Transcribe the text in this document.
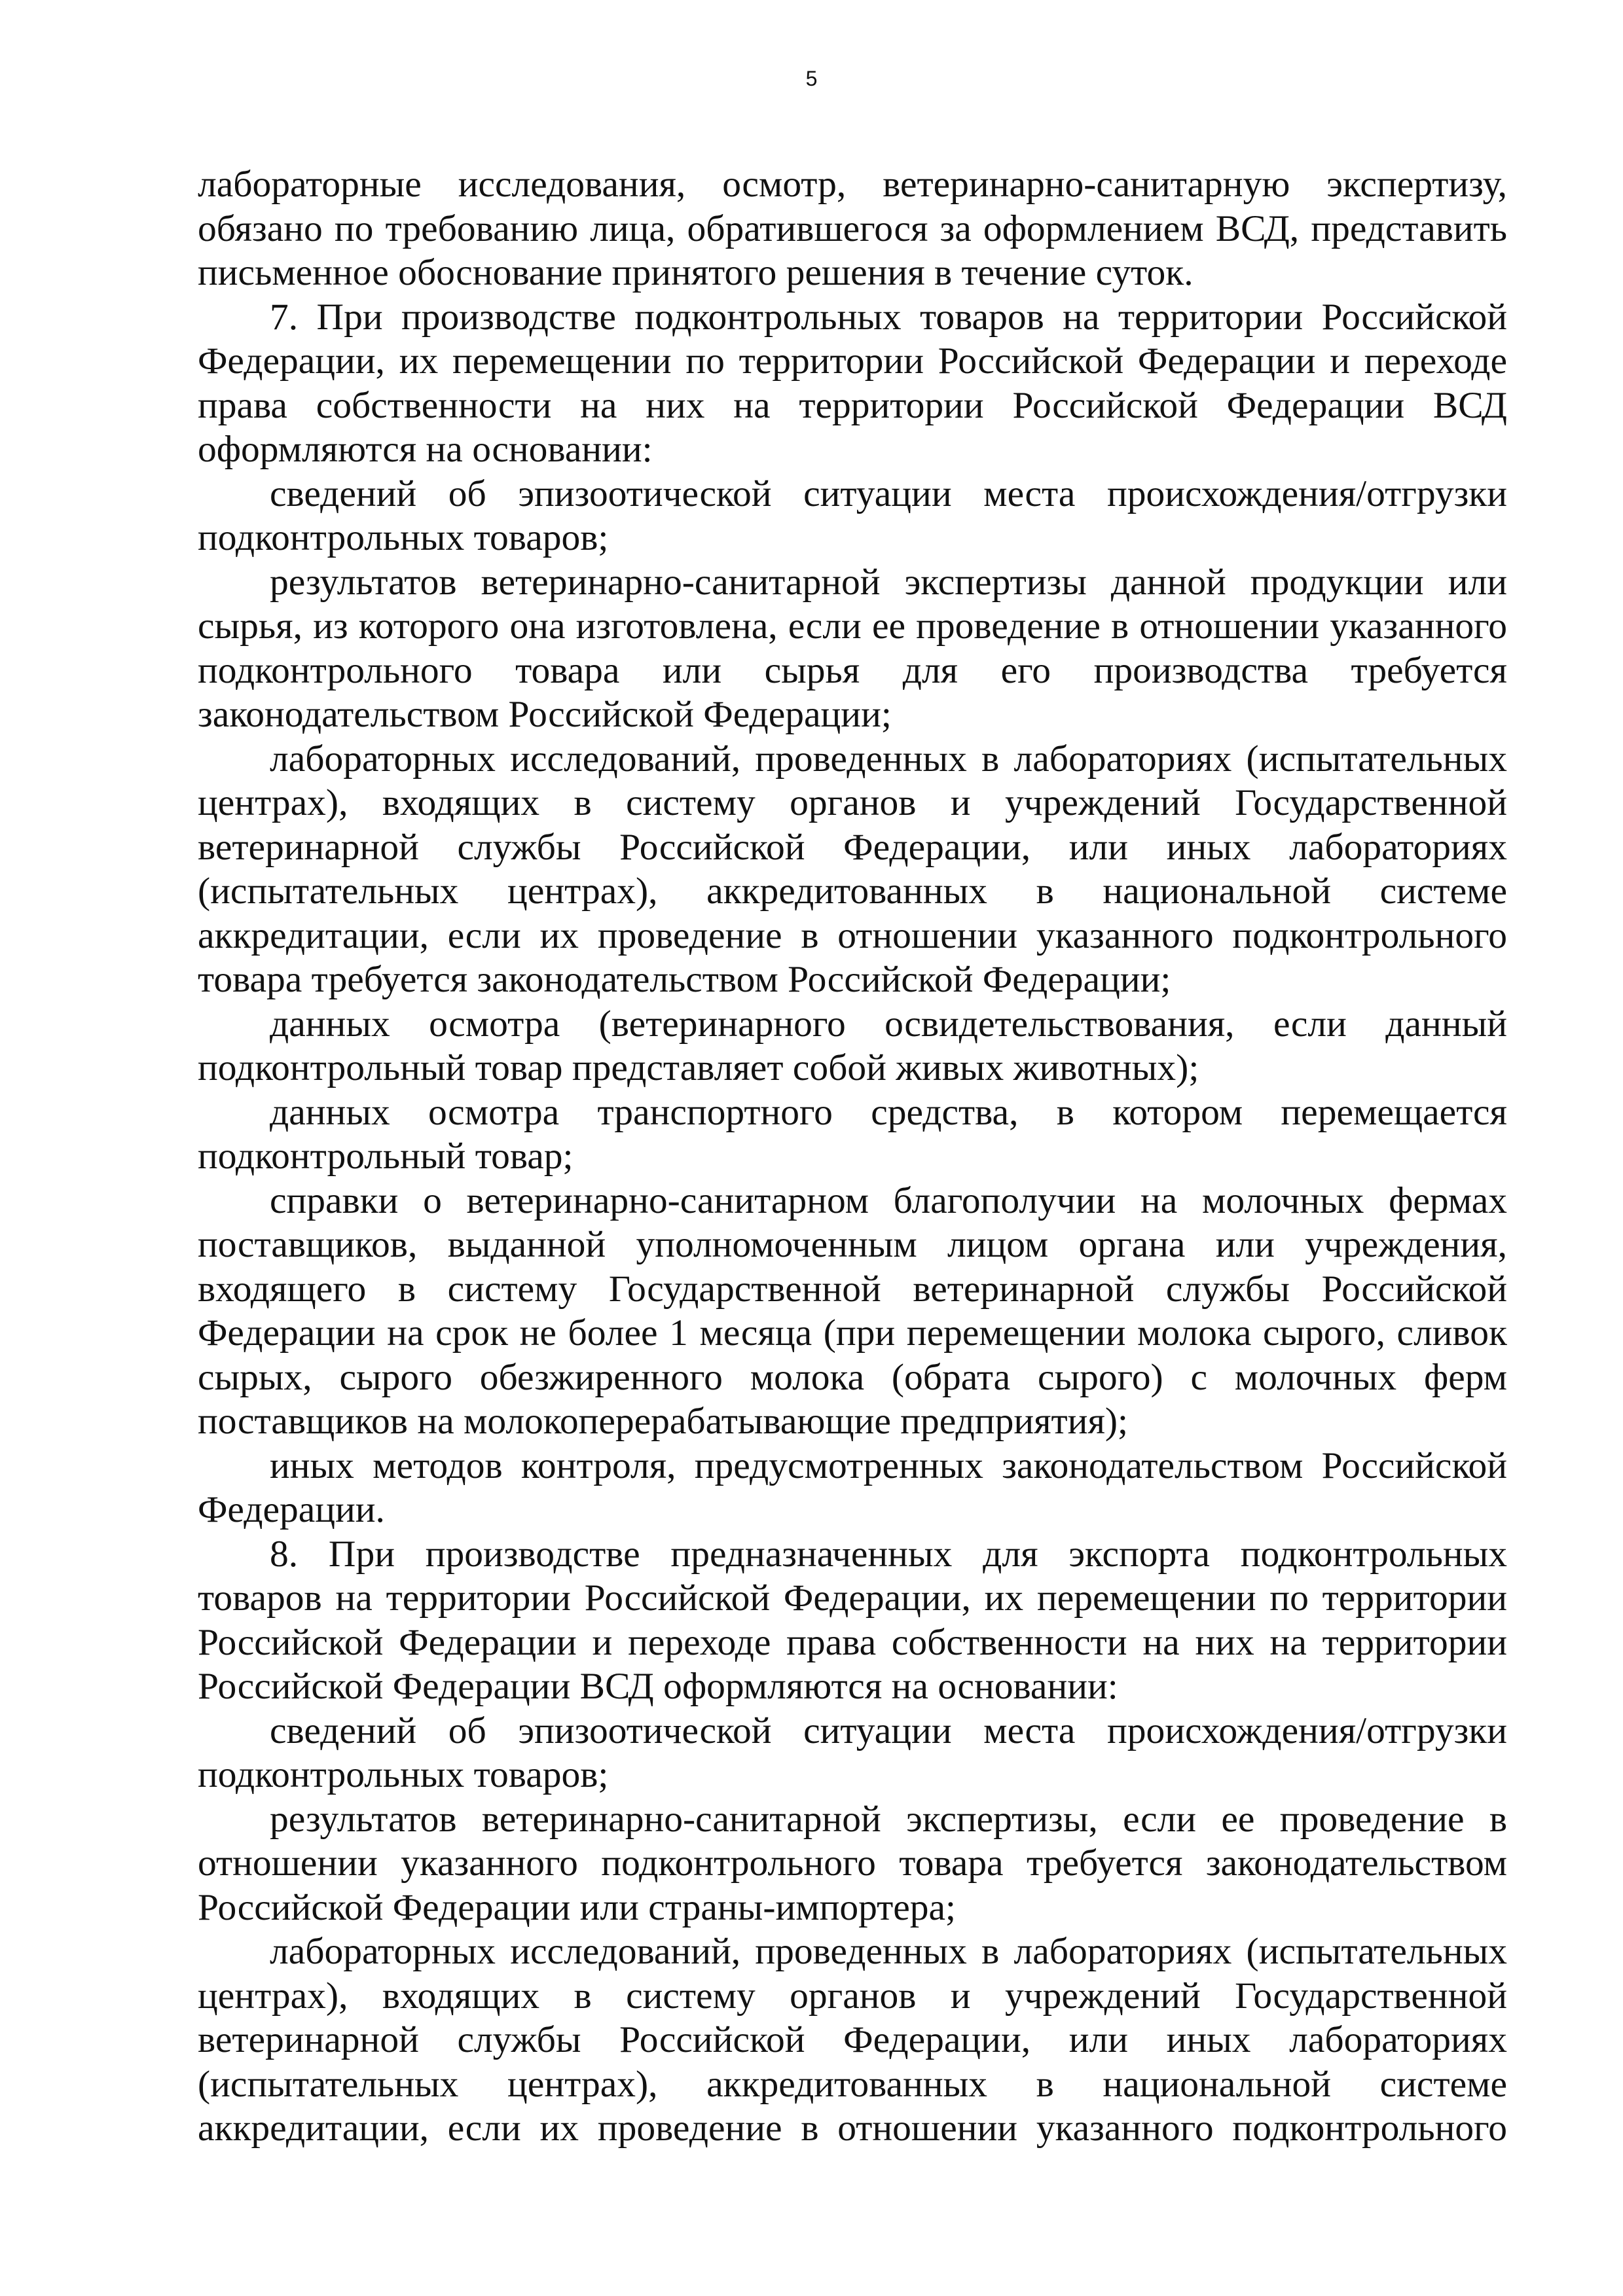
5

лабораторные исследования, осмотр, ветеринарно-санитарную экспертизу, обязано по требованию лица, обратившегося за оформлением ВСД, представить письменное обоснование принятого решения в течение суток.

7. При производстве подконтрольных товаров на территории Российской Федерации, их перемещении по территории Российской Федерации и переходе права собственности на них на территории Российской Федерации ВСД оформляются на основании:

сведений об эпизоотической ситуации места происхождения/отгрузки подконтрольных товаров;

результатов ветеринарно-санитарной экспертизы данной продукции или сырья, из которого она изготовлена, если ее проведение в отношении указанного подконтрольного товара или сырья для его производства требуется законодательством Российской Федерации;

лабораторных исследований, проведенных в лабораториях (испытательных центрах), входящих в систему органов и учреждений Государственной ветеринарной службы Российской Федерации, или иных лабораториях (испытательных центрах), аккредитованных в национальной системе аккредитации, если их проведение в отношении указанного подконтрольного товара требуется законодательством Российской Федерации;

данных осмотра (ветеринарного освидетельствования, если данный подконтрольный товар представляет собой живых животных);

данных осмотра транспортного средства, в котором перемещается подконтрольный товар;

справки о ветеринарно-санитарном благополучии на молочных фермах поставщиков, выданной уполномоченным лицом органа или учреждения, входящего в систему Государственной ветеринарной службы Российской Федерации на срок не более 1 месяца (при перемещении молока сырого, сливок сырых, сырого обезжиренного молока (обрата сырого) с молочных ферм поставщиков на молокоперерабатывающие предприятия);

иных методов контроля, предусмотренных законодательством Российской Федерации.

8. При производстве предназначенных для экспорта подконтрольных товаров на территории Российской Федерации, их перемещении по территории Российской Федерации и переходе права собственности на них на территории Российской Федерации ВСД оформляются на основании:

сведений об эпизоотической ситуации места происхождения/отгрузки подконтрольных товаров;

результатов ветеринарно-санитарной экспертизы, если ее проведение в отношении указанного подконтрольного товара требуется законодательством Российской Федерации или страны-импортера;

лабораторных исследований, проведенных в лабораториях (испытательных центрах), входящих в систему органов и учреждений Государственной ветеринарной службы Российской Федерации, или иных лабораториях (испытательных центрах), аккредитованных в национальной системе аккредитации, если их проведение в отношении указанного подконтрольного
